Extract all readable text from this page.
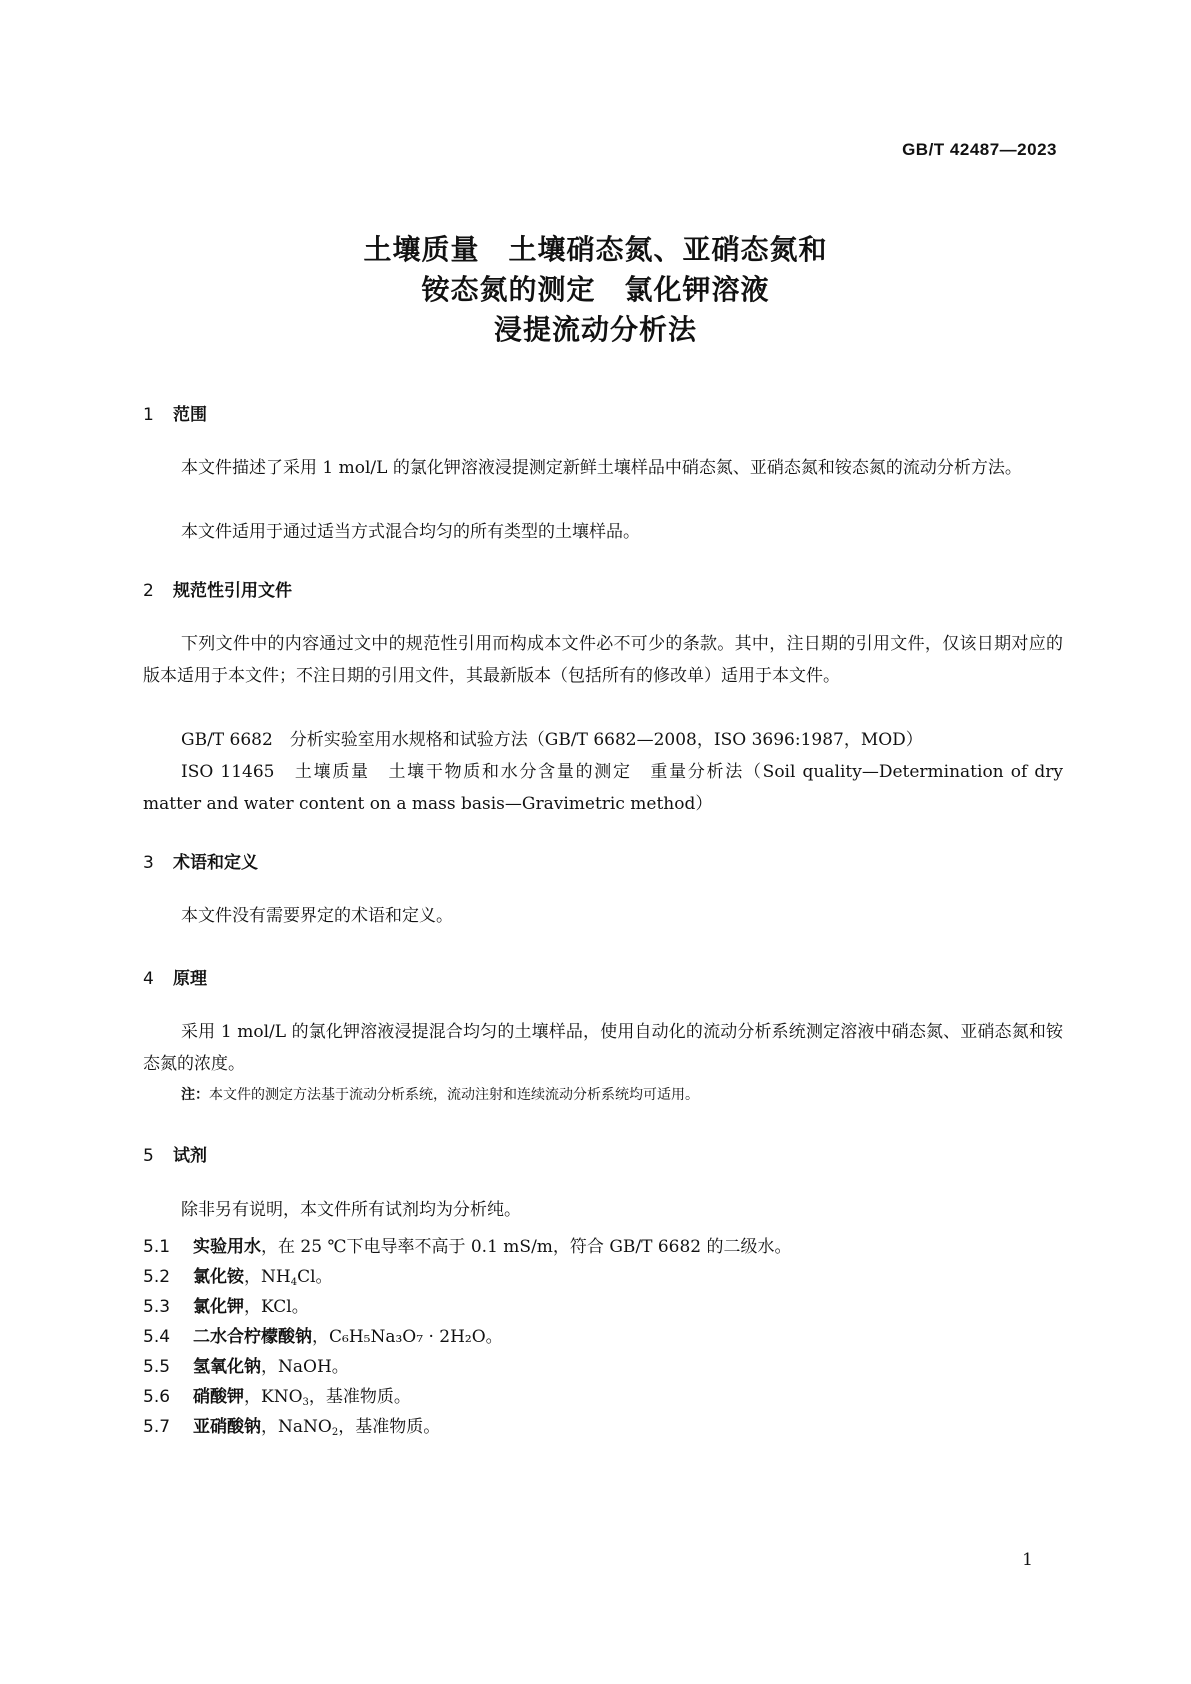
GB/T 42487—2023
土壤质量　土壤硝态氮、亚硝态氮和
铵态氮的测定　氯化钾溶液
浸提流动分析法
1 范围
本文件描述了采用 1 mol/L 的氯化钾溶液浸提测定新鲜土壤样品中硝态氮、亚硝态氮和铵态氮的流动分析方法。
本文件适用于通过适当方式混合均匀的所有类型的土壤样品。
2 规范性引用文件
下列文件中的内容通过文中的规范性引用而构成本文件必不可少的条款。其中，注日期的引用文件，仅该日期对应的版本适用于本文件；不注日期的引用文件，其最新版本（包括所有的修改单）适用于本文件。
GB/T 6682　分析实验室用水规格和试验方法（GB/T 6682—2008，ISO 3696:1987，MOD）
ISO 11465　土壤质量　土壤干物质和水分含量的测定　重量分析法（Soil quality—Determination of dry matter and water content on a mass basis—Gravimetric method）
3 术语和定义
本文件没有需要界定的术语和定义。
4 原理
采用 1 mol/L 的氯化钾溶液浸提混合均匀的土壤样品，使用自动化的流动分析系统测定溶液中硝态氮、亚硝态氮和铵态氮的浓度。
注：本文件的测定方法基于流动分析系统，流动注射和连续流动分析系统均可适用。
5 试剂
除非另有说明，本文件所有试剂均为分析纯。
5.1 实验用水，在 25 ℃下电导率不高于 0.1 mS/m，符合 GB/T 6682 的二级水。
5.2 氯化铵，$NH_4Cl$。
5.3 氯化钾，KCl。
5.4 二水合柠檬酸钠，C₆H₅Na₃O₇ · 2H₂O。
5.5 氢氧化钠，NaOH。
5.6 硝酸钾，$KNO_3$，基准物质。
5.7 亚硝酸钠，NaNO$_2$，基准物质。
1
